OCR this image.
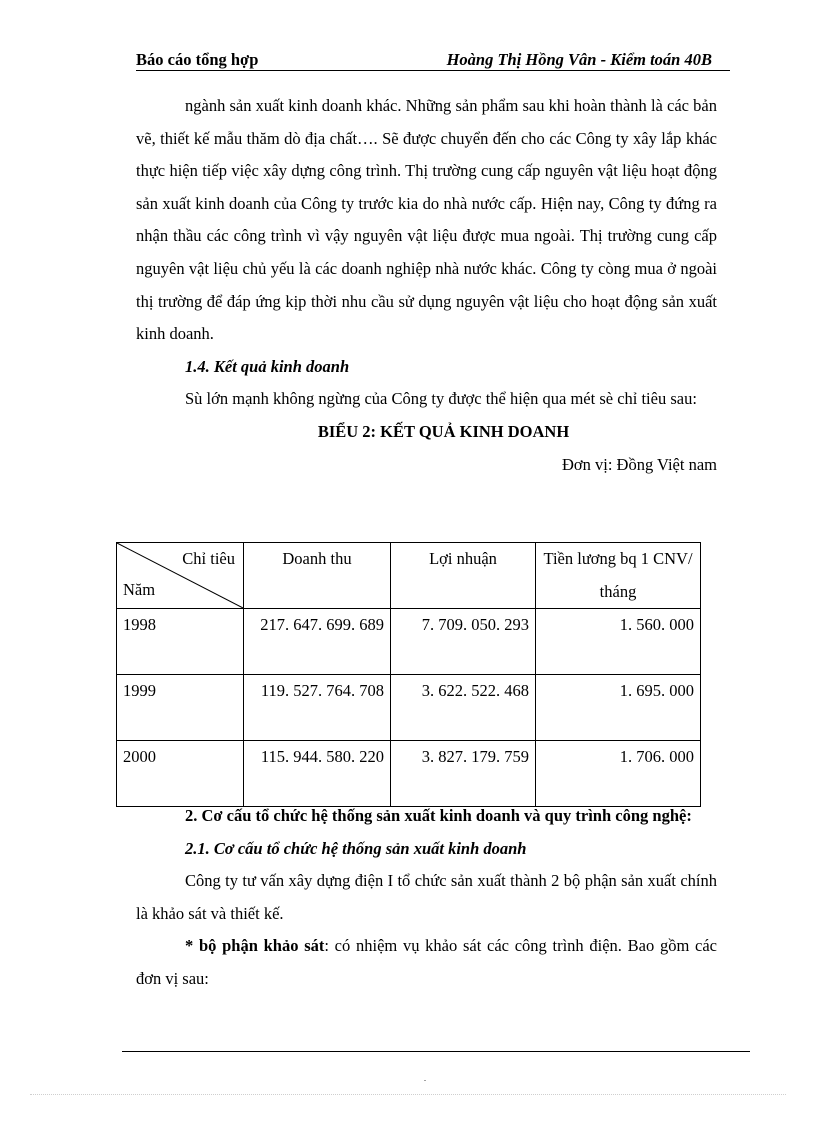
Báo cáo tổng hợp	Hoàng Thị Hồng Vân - Kiểm toán 40B

ngành sản xuất kinh doanh khác. Những sản phẩm sau khi hoàn thành là các bản vẽ, thiết kế mẫu thăm dò địa chất…. Sẽ được chuyển đến cho các Công ty xây lắp khác thực hiện tiếp việc xây dựng công trình. Thị trường cung cấp nguyên vật liệu hoạt động sản xuất kinh doanh của Công ty trước kia do nhà nước cấp. Hiện nay, Công ty đứng ra nhận thầu các công trình vì vậy nguyên vật liệu được mua ngoài. Thị trường cung cấp nguyên vật liệu chủ yếu là các doanh nghiệp nhà nước khác. Công ty còng mua ở ngoài thị trường để đáp ứng kịp thời nhu cầu sử dụng nguyên vật liệu cho hoạt động sản xuất kinh doanh.

1.4. Kết quả kinh doanh

Sù lớn mạnh không ngừng của Công ty được thể hiện qua mét sè chỉ tiêu sau:

BIỂU 2: KẾT QUẢ KINH DOANH
Đơn vị: Đồng Việt nam
Chỉ tiêu
Năm	Doanh thu	Lợi nhuận	Tiền lương bq 1 CNV/ tháng
1998	217. 647. 699. 689	7. 709. 050. 293	1. 560. 000
1999	119. 527. 764. 708	3. 622. 522. 468	1. 695. 000
2000	115. 944. 580. 220	3. 827. 179. 759	1. 706. 000

2. Cơ cấu tổ chức hệ thống sản xuất kinh doanh và quy trình công nghệ:

2.1. Cơ cấu tổ chức hệ thống sản xuất kinh doanh

Công ty tư vấn xây dựng điện I tổ chức sản xuất thành 2 bộ phận sản xuất chính là khảo sát và thiết kế.

* bộ phận khảo sát: có nhiệm vụ khảo sát các công trình điện. Bao gồm các đơn vị sau:

.
